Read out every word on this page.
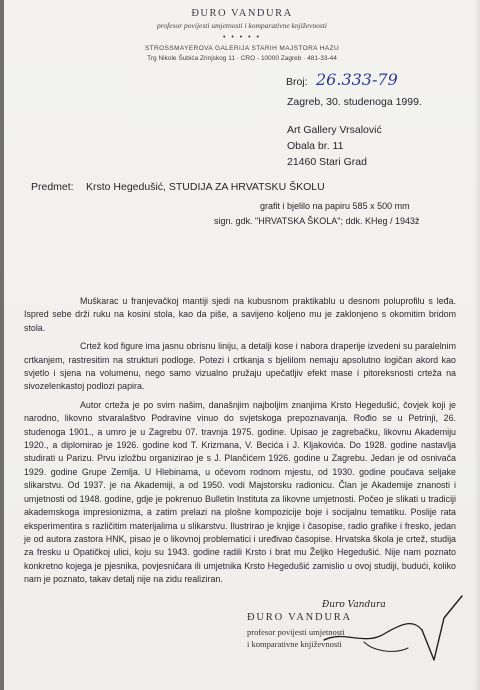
ĐURO VANDURA
profesor povijesti umjetnosti i komparativne književnosti
• • • • •
STROSSMAYEROVA GALERIJA STARIH MAJSTORA HAZU
Trg Nikole Šubića Zrinjskog 11 · CRO - 10000 Zagreb · 481-33-44
Broj: 26.333-79
Zagreb, 30. studenoga 1999.
Art Gallery Vrsalović
Obala br. 11
21460 Stari Grad
Predmet: Krsto Hegedušić, STUDIJA ZA HRVATSKU ŠKOLU
grafit i bjelilo na papiru 585 x 500 mm
sign. gdk. "HRVATSKA ŠKOLA"; ddk. KHeg / 1943ž

Muškarac u franjevačkoj mantiji sjedi na kubusnom praktikablu u desnom poluprofilu s leđa. Ispred sebe drži ruku na kosini stola, kao da piše, a savijeno koljeno mu je zaklonjeno s okomitim bridom stola.

Crtež kod figure ima jasnu obrisnu liniju, a detalji kose i nabora draperije izvedeni su paralelnim crtkanjem, rastresitim na strukturi podloge. Potezi i crtkanja s bjelilom nemaju apsolutno logičan akord kao svjetlo i sjena na volumenu, nego samo vizualno pružaju upečatljiv efekt mase i pitoreksnosti crteža na sivozelenkastoj podlozi papira.

Autor crteža je po svim našim, današnjim najboljim znanjima Krsto Hegedušić, čovjek koji je narodno, likovno stvaralaštvo Podravine vinuo do svjetskoga prepoznavanja. Rođio se u Petrinji, 26. studenoga 1901., a umro je u Zagrebu 07. travnja 1975. godine. Upisao je zagrebačku, likovnu Akademiju 1920., a diplomirao je 1926. godine kod T. Krizmana, V. Becića i J. Kljakovića. Do 1928. godine nastavlja studirati u Parizu. Prvu izložbu organizirao je s J. Plančićem 1926. godine u Zagrebu. Jedan je od osnivača 1929. godine Grupe Zemlja. U Hlebinama, u očevom rodnom mjestu, od 1930. godine poučava seljake slikarstvu. Od 1937. je na Akademiji, a od 1950. vodi Majstorsku radionicu. Član je Akademije znanosti i umjetnosti od 1948. godine, gdje je pokrenuo Bulletin Instituta za likovne umjetnosti. Počeo je slikati u tradiciji akademskoga impresionizma, a zatim prelazi na plošne kompozicije boje i socijalnu tematiku. Poslije rata eksperimentira s različitim materijalima u slikarstvu. Ilustrirao je knjige i časopise, radio grafike i fresko, jedan je od autora zastora HNK, pisao je o likovnoj problematici i uređivao časopise. Hrvatska škola je crtež, studija za fresku u Opatičkoj ulici, koju su 1943. godine radili Krsto i brat mu Željko Hegedušić. Nije nam poznato konkretno kojega je pjesnika, povjesničara ili umjetnika Krsto Hegedušić zamislio u ovoj studiji, budući, koliko nam je poznato, takav detalj nije na zidu realiziran.

Đuro Vandura
ĐURO VANDURA
profesor povijesti umjetnosti
i komparativne književnosti
